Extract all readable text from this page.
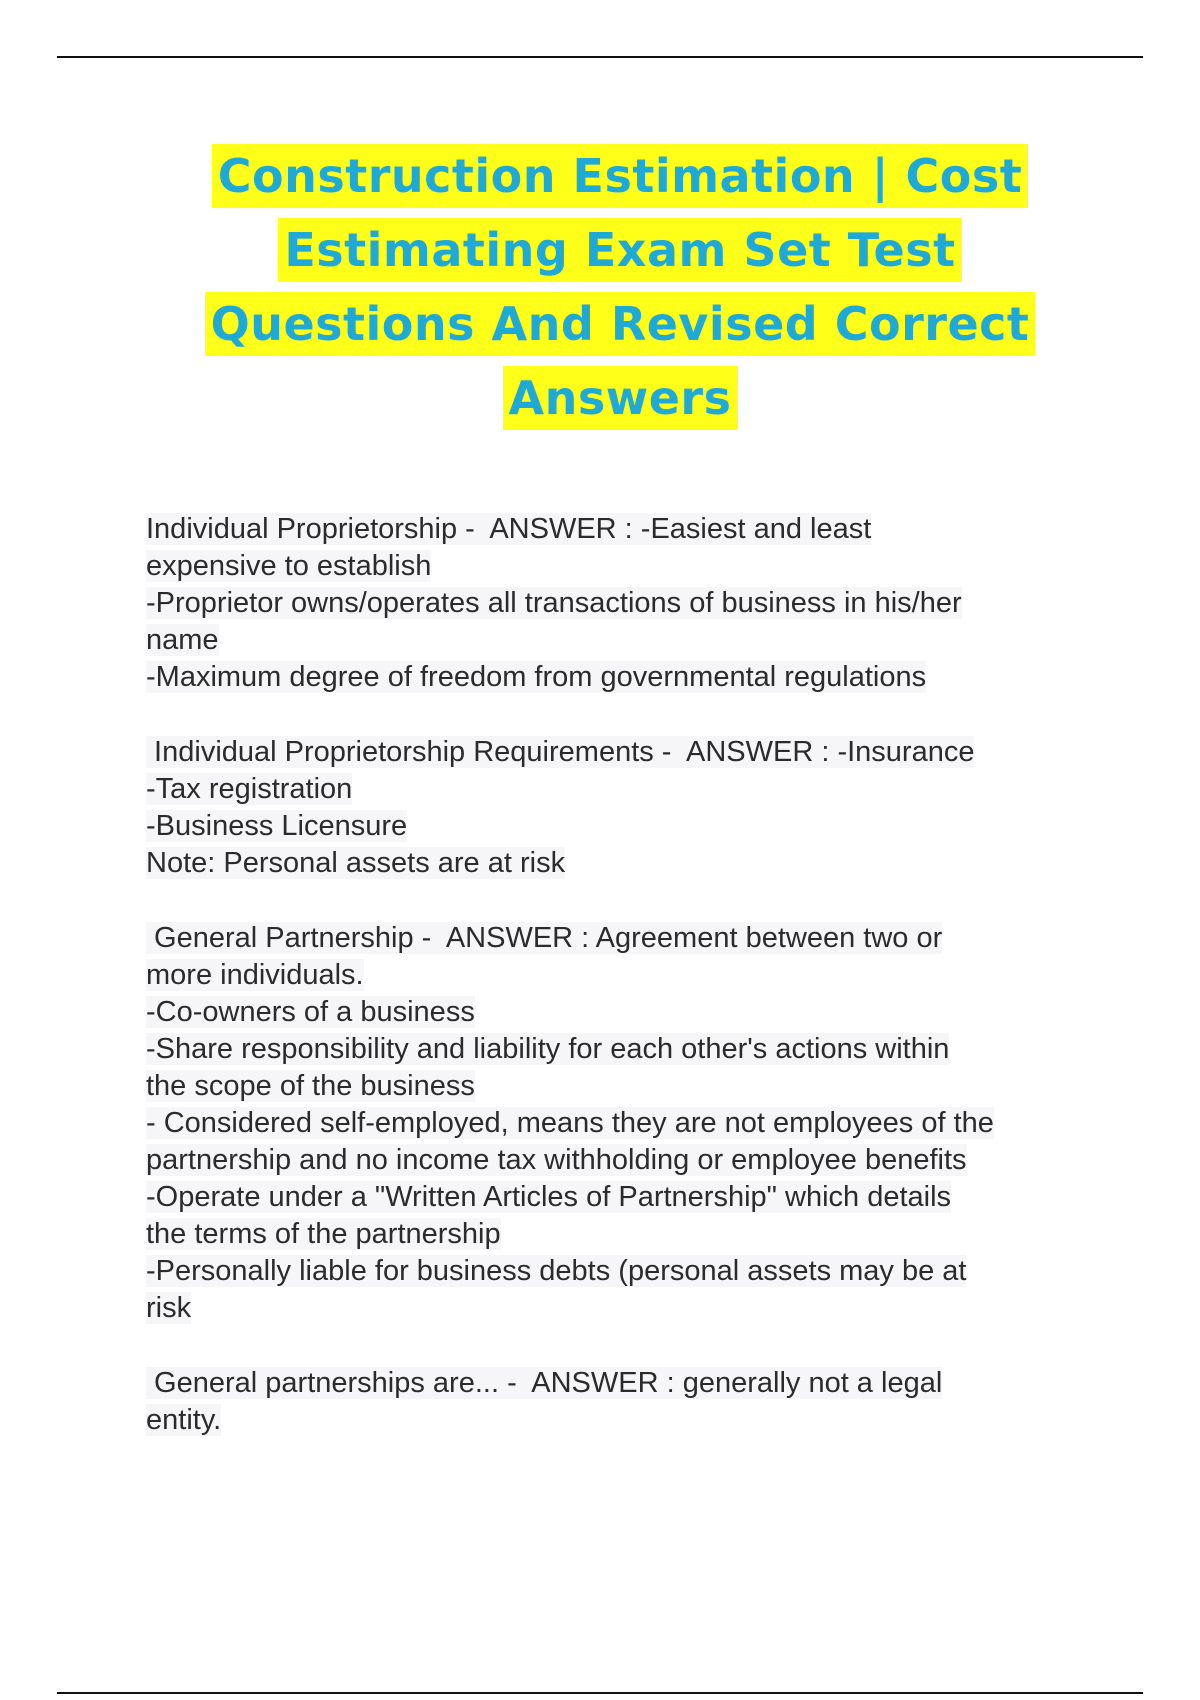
Construction Estimation | Cost
Estimating Exam Set Test
Questions And Revised Correct
Answers
Individual Proprietorship -  ANSWER : -Easiest and least
expensive to establish
-Proprietor owns/operates all transactions of business in his/her
name
-Maximum degree of freedom from governmental regulations
Individual Proprietorship Requirements -  ANSWER : -Insurance
-Tax registration
-Business Licensure
Note: Personal assets are at risk
General Partnership -  ANSWER : Agreement between two or
more individuals.
-Co-owners of a business
-Share responsibility and liability for each other's actions within
the scope of the business
- Considered self-employed, means they are not employees of the
partnership and no income tax withholding or employee benefits
-Operate under a "Written Articles of Partnership" which details
the terms of the partnership
-Personally liable for business debts (personal assets may be at
risk
General partnerships are... -  ANSWER : generally not a legal
entity.
